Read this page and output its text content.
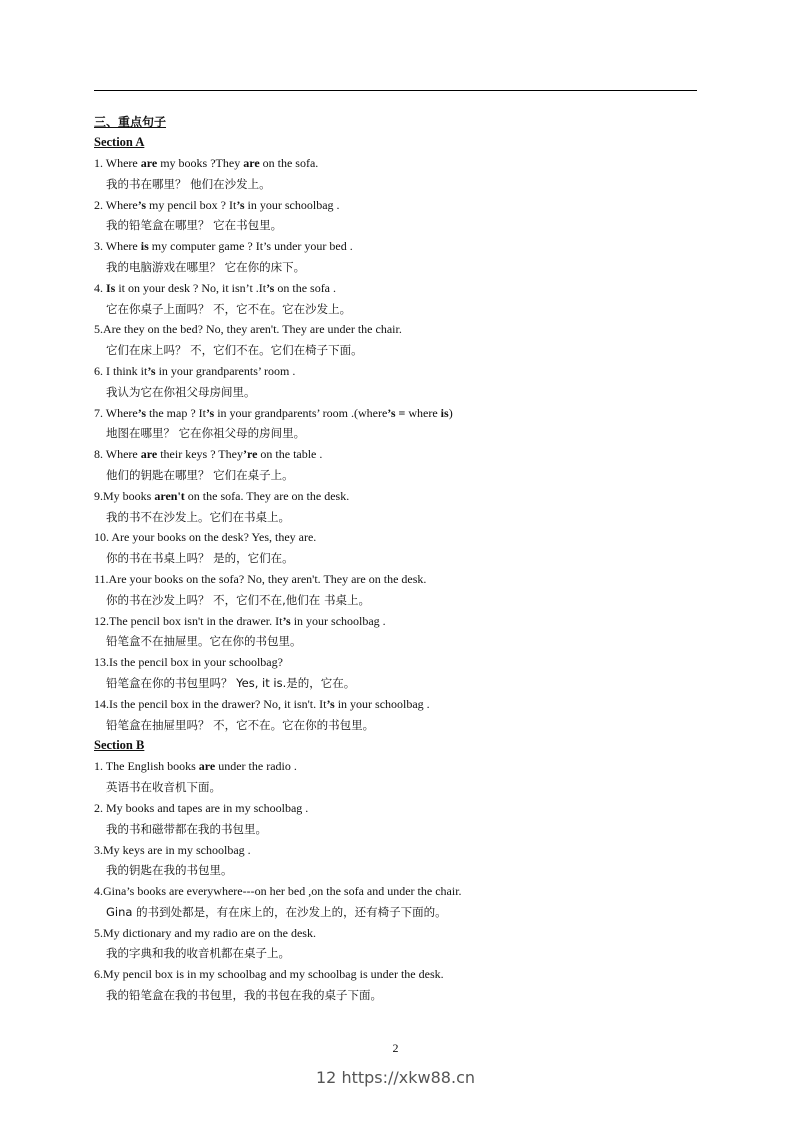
三、重点句子
Section A
1. Where are my books ?They are on the sofa.
我的书在哪里？ 他们在沙发上。
2. Where’s my pencil box ? It’s in your schoolbag .
我的铅笔盒在哪里？ 它在书包里。
3. Where is my computer game ? It’s under your bed .
我的电脑游戏在哪里？ 它在你的床下。
4. Is it on your desk ? No, it isn’t .It’s on the sofa .
它在你桌子上面吗？ 不，它不在。它在沙发上。
5.Are they on the bed? No, they aren't. They are under the chair.
它们在床上吗？ 不，它们不在。它们在椅子下面。
6. I think it’s in your grandparents’ room .
我认为它在你祖父母房间里。
7. Where’s the map ? It’s in your grandparents’ room .(where’s = where is)
地图在哪里？ 它在你祖父母的房间里。
8. Where are their keys ? They’re on the table .
他们的钥匙在哪里？ 它们在桌子上。
9.My books aren't on the sofa. They are on the desk.
我的书不在沙发上。它们在书桌上。
10. Are your books on the desk? Yes, they are.
你的书在书桌上吗？ 是的，它们在。
11.Are your books on the sofa? No, they aren't. They are on the desk.
你的书在沙发上吗？ 不，它们不在,他们在 书桌上。
12.The pencil box isn't in the drawer. It’s in your schoolbag .
铅笔盒不在抽屉里。它在你的书包里。
13.Is the pencil box in your schoolbag?
铅笔盒在你的书包里吗？ Yes, it is.是的，它在。
14.Is the pencil box in the drawer? No, it isn't. It’s in your schoolbag .
铅笔盒在抽屉里吗？ 不，它不在。它在你的书包里。
Section B
1. The English books are under the radio .
英语书在收音机下面。
2. My books and tapes are in my schoolbag .
我的书和磁带都在我的书包里。
3.My keys are in my schoolbag .
我的钥匙在我的书包里。
4.Gina’s books are everywhere---on her bed ,on the sofa and under the chair.
Gina 的书到处都是，有在床上的，在沙发上的，还有椅子下面的。
5.My dictionary and my radio are on the desk.
我的字典和我的收音机都在桌子上。
6.My pencil box is in my schoolbag and my schoolbag is under the desk.
我的铅笔盒在我的书包里，我的书包在我的桌子下面。
2
12 https://xkw88.cn
